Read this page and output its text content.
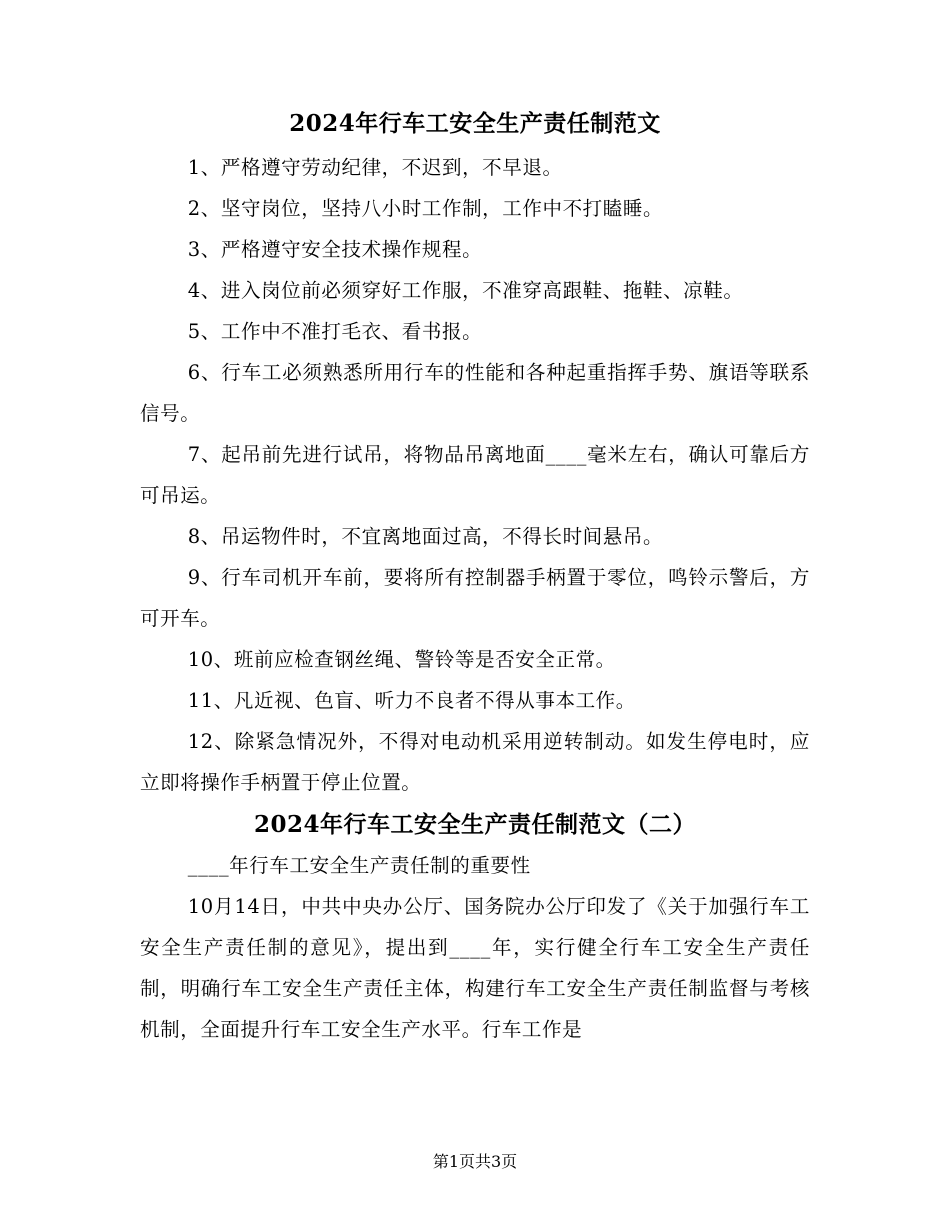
2024年行车工安全生产责任制范文

1、严格遵守劳动纪律，不迟到，不早退。

2、坚守岗位，坚持八小时工作制，工作中不打瞌睡。

3、严格遵守安全技术操作规程。

4、进入岗位前必须穿好工作服，不准穿高跟鞋、拖鞋、凉鞋。

5、工作中不准打毛衣、看书报。

6、行车工必须熟悉所用行车的性能和各种起重指挥手势、旗语等联系信号。

7、起吊前先进行试吊，将物品吊离地面____毫米左右，确认可靠后方可吊运。

8、吊运物件时，不宜离地面过高，不得长时间悬吊。

9、行车司机开车前，要将所有控制器手柄置于零位，鸣铃示警后，方可开车。

10、班前应检查钢丝绳、警铃等是否安全正常。

11、凡近视、色盲、听力不良者不得从事本工作。

12、除紧急情况外，不得对电动机采用逆转制动。如发生停电时，应立即将操作手柄置于停止位置。

2024年行车工安全生产责任制范文（二）

____年行车工安全生产责任制的重要性

10月14日，中共中央办公厅、国务院办公厅印发了《关于加强行车工安全生产责任制的意见》，提出到____年，实行健全行车工安全生产责任制，明确行车工安全生产责任主体，构建行车工安全生产责任制监督与考核机制，全面提升行车工安全生产水平。行车工作是

第1页共3页
